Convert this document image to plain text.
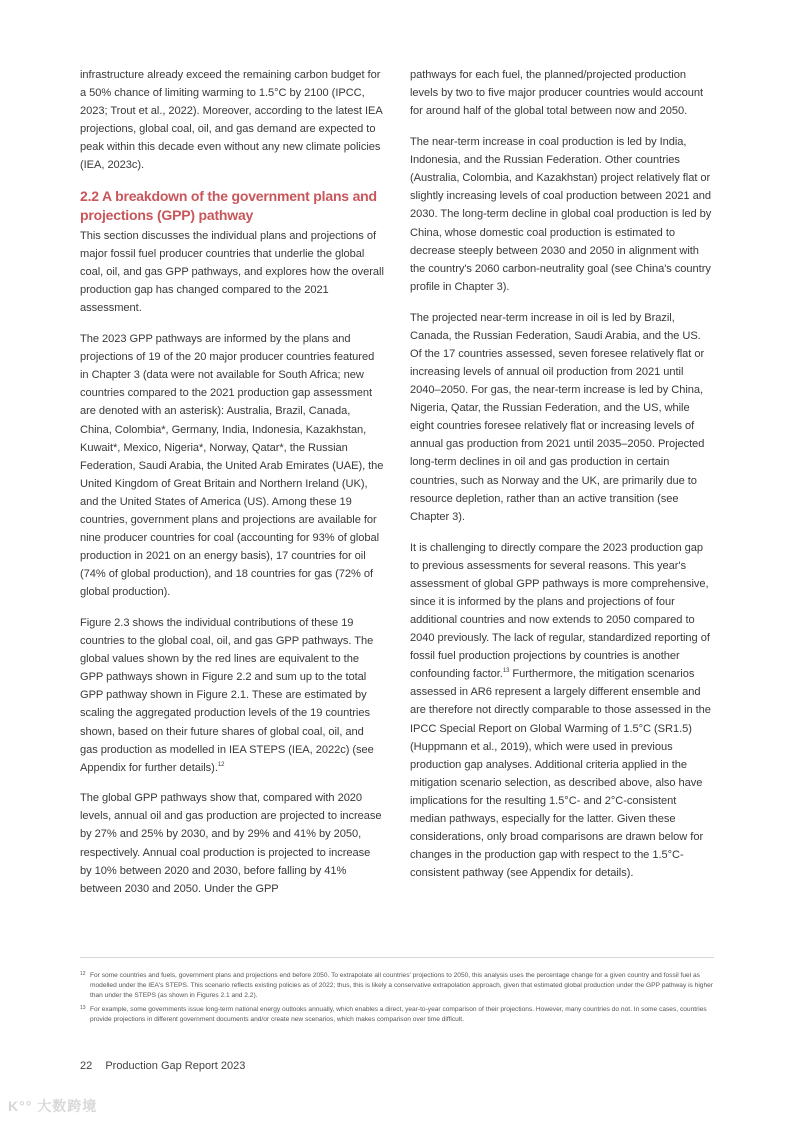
infrastructure already exceed the remaining carbon budget for a 50% chance of limiting warming to 1.5°C by 2100 (IPCC, 2023; Trout et al., 2022). Moreover, according to the latest IEA projections, global coal, oil, and gas demand are expected to peak within this decade even without any new climate policies (IEA, 2023c).

2.2 A breakdown of the government plans and projections (GPP) pathway

This section discusses the individual plans and projections of major fossil fuel producer countries that underlie the global coal, oil, and gas GPP pathways, and explores how the overall production gap has changed compared to the 2021 assessment.

The 2023 GPP pathways are informed by the plans and projections of 19 of the 20 major producer countries featured in Chapter 3 (data were not available for South Africa; new countries compared to the 2021 production gap assessment are denoted with an asterisk): Australia, Brazil, Canada, China, Colombia*, Germany, India, Indonesia, Kazakhstan, Kuwait*, Mexico, Nigeria*, Norway, Qatar*, the Russian Federation, Saudi Arabia, the United Arab Emirates (UAE), the United Kingdom of Great Britain and Northern Ireland (UK), and the United States of America (US). Among these 19 countries, government plans and projections are available for nine producer countries for coal (accounting for 93% of global production in 2021 on an energy basis), 17 countries for oil (74% of global production), and 18 countries for gas (72% of global production).

Figure 2.3 shows the individual contributions of these 19 countries to the global coal, oil, and gas GPP pathways. The global values shown by the red lines are equivalent to the GPP pathways shown in Figure 2.2 and sum up to the total GPP pathway shown in Figure 2.1. These are estimated by scaling the aggregated production levels of the 19 countries shown, based on their future shares of global coal, oil, and gas production as modelled in IEA STEPS (IEA, 2022c) (see Appendix for further details).$^{12}$

The global GPP pathways show that, compared with 2020 levels, annual oil and gas production are projected to increase by 27% and 25% by 2030, and by 29% and 41% by 2050, respectively. Annual coal production is projected to increase by 10% between 2020 and 2030, before falling by 41% between 2030 and 2050. Under the GPP

pathways for each fuel, the planned/projected production levels by two to five major producer countries would account for around half of the global total between now and 2050.

The near-term increase in coal production is led by India, Indonesia, and the Russian Federation. Other countries (Australia, Colombia, and Kazakhstan) project relatively flat or slightly increasing levels of coal production between 2021 and 2030. The long-term decline in global coal production is led by China, whose domestic coal production is estimated to decrease steeply between 2030 and 2050 in alignment with the country's 2060 carbon-neutrality goal (see China's country profile in Chapter 3).

The projected near-term increase in oil is led by Brazil, Canada, the Russian Federation, Saudi Arabia, and the US. Of the 17 countries assessed, seven foresee relatively flat or increasing levels of annual oil production from 2021 until 2040–2050. For gas, the near-term increase is led by China, Nigeria, Qatar, the Russian Federation, and the US, while eight countries foresee relatively flat or increasing levels of annual gas production from 2021 until 2035–2050. Projected long-term declines in oil and gas production in certain countries, such as Norway and the UK, are primarily due to resource depletion, rather than an active transition (see Chapter 3).

It is challenging to directly compare the 2023 production gap to previous assessments for several reasons. This year's assessment of global GPP pathways is more comprehensive, since it is informed by the plans and projections of four additional countries and now extends to 2050 compared to 2040 previously. The lack of regular, standardized reporting of fossil fuel production projections by countries is another confounding factor.$^{13}$ Furthermore, the mitigation scenarios assessed in AR6 represent a largely different ensemble and are therefore not directly comparable to those assessed in the IPCC Special Report on Global Warming of 1.5°C (SR1.5) (Huppmann et al., 2019), which were used in previous production gap analyses. Additional criteria applied in the mitigation scenario selection, as described above, also have implications for the resulting 1.5°C- and 2°C-consistent median pathways, especially for the latter. Given these considerations, only broad comparisons are drawn below for changes in the production gap with respect to the 1.5°C-consistent pathway (see Appendix for details).

12 For some countries and fuels, government plans and projections end before 2050. To extrapolate all countries' projections to 2050, this analysis uses the percentage change for a given country and fossil fuel as modelled under the IEA's STEPS. This scenario reflects existing policies as of 2022; thus, this is likely a conservative extrapolation approach, given that estimated global production under the GPP pathway is higher than under the STEPS (as shown in Figures 2.1 and 2.2).
13 For example, some governments issue long-term national energy outlooks annually, which enables a direct, year-to-year comparison of their projections. However, many countries do not. In some cases, countries provide projections in different government documents and/or create new scenarios, which makes comparison over time difficult.
22 Production Gap Report 2023
K°° 大数跨境
